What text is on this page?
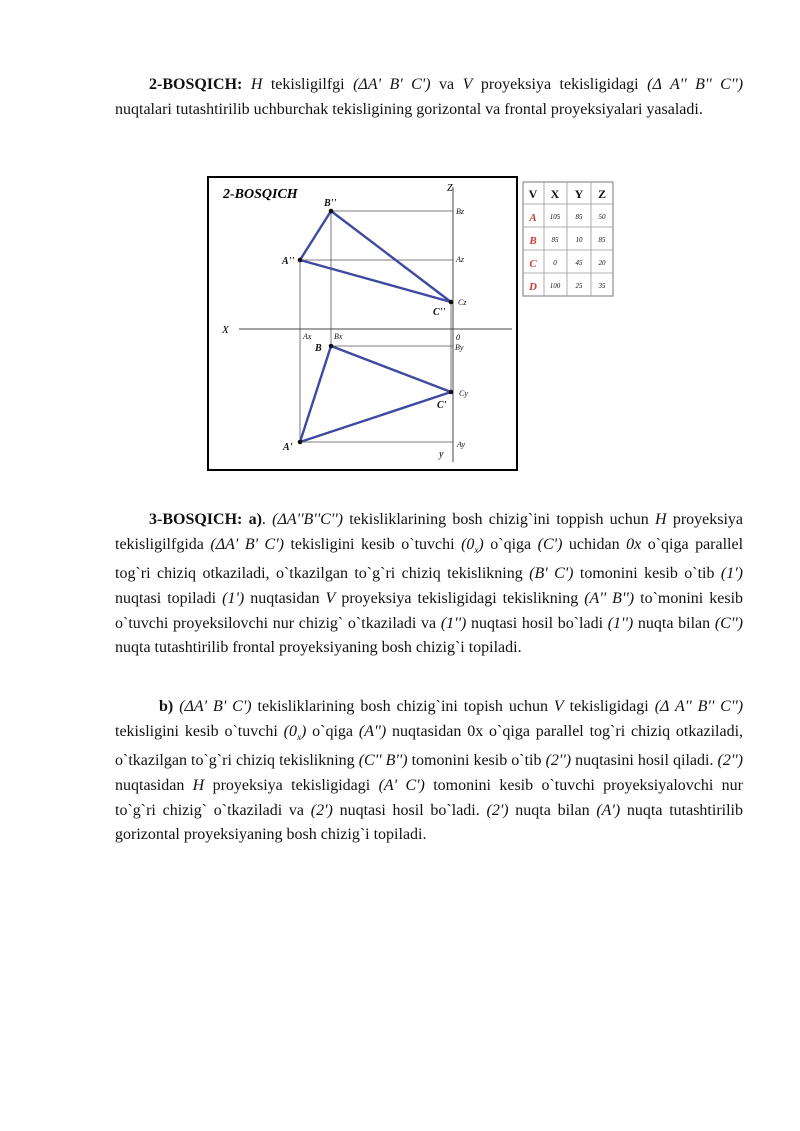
2-BOSQICH: H tekisligilfgi (ΔA' B' C') va V proyeksiya tekisligidagi (Δ A'' B'' C'') nuqtalari tutashtirilib uchburchak tekisligining gorizontal va frontal proyeksiyalari yasaladi.

2-BOSQICH
X
Z
y
0
B''
A''
C''
B
A'
C'
Bz
Az
Cz
Ax	Bx
By
Cy
Ay
V X Y Z
A
B
C
D
105 85 50
85 10 85
0	45 20
100 25 35

3-BOSQICH: a). (ΔA''B''C'') tekisliklarining bosh chizig`ini toppish uchun H proyeksiya tekisligilfgida (ΔA' B' C') tekisligini kesib o`tuvchi $(0_x)$ o`qiga (C') uchidan 0x o`qiga parallel tog`ri chiziq otkaziladi, o`tkazilgan to`g`ri chiziq tekislikning (B' C') tomonini kesib o`tib (1') nuqtasi topiladi (1') nuqtasidan V proyeksiya tekisligidagi tekislikning (A'' B'') to`monini kesib o`tuvchi proyeksilovchi nur chizig` o`tkaziladi va (1'') nuqtasi hosil bo`ladi (1'') nuqta bilan (C'') nuqta tutashtirilib frontal proyeksiyaning bosh chizig`i topiladi.

b) (ΔA' B' C') tekisliklarining bosh chizig`ini topish uchun V tekisligidagi (Δ A'' B'' C'') tekisligini kesib o`tuvchi $(0_x)$ o`qiga (A'') nuqtasidan 0x o`qiga parallel tog`ri chiziq otkaziladi, o`tkazilgan to`g`ri chiziq tekislikning (C'' B'') tomonini kesib o`tib (2'') nuqtasini hosil qiladi. (2'') nuqtasidan H proyeksiya tekisligidagi (A' C') tomonini kesib o`tuvchi proyeksiyalovchi nur to`g`ri chizig` o`tkaziladi va (2') nuqtasi hosil bo`ladi. (2') nuqta bilan (A') nuqta tutashtirilib gorizontal proyeksiyaning bosh chizig`i topiladi.
